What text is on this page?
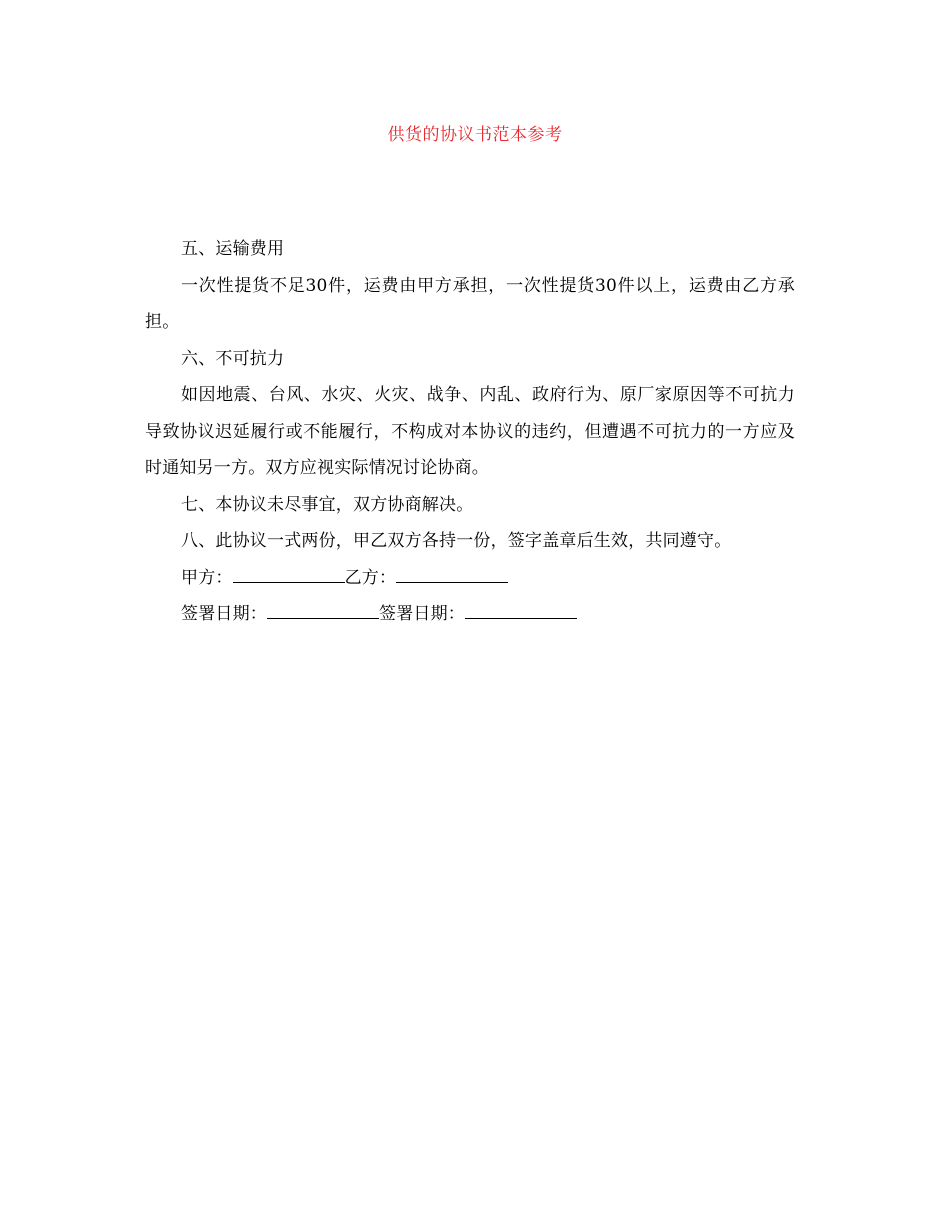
供货的协议书范本参考

五、运输费用

一次性提货不足30件，运费由甲方承担，一次性提货30件以上，运费由乙方承担。

六、不可抗力

如因地震、台风、水灾、火灾、战争、内乱、政府行为、原厂家原因等不可抗力导致协议迟延履行或不能履行，不构成对本协议的违约，但遭遇不可抗力的一方应及时通知另一方。双方应视实际情况讨论协商。

七、本协议未尽事宜，双方协商解决。

八、此协议一式两份，甲乙双方各持一份，签字盖章后生效，共同遵守。

甲方：	乙方：

签署日期：	签署日期：
